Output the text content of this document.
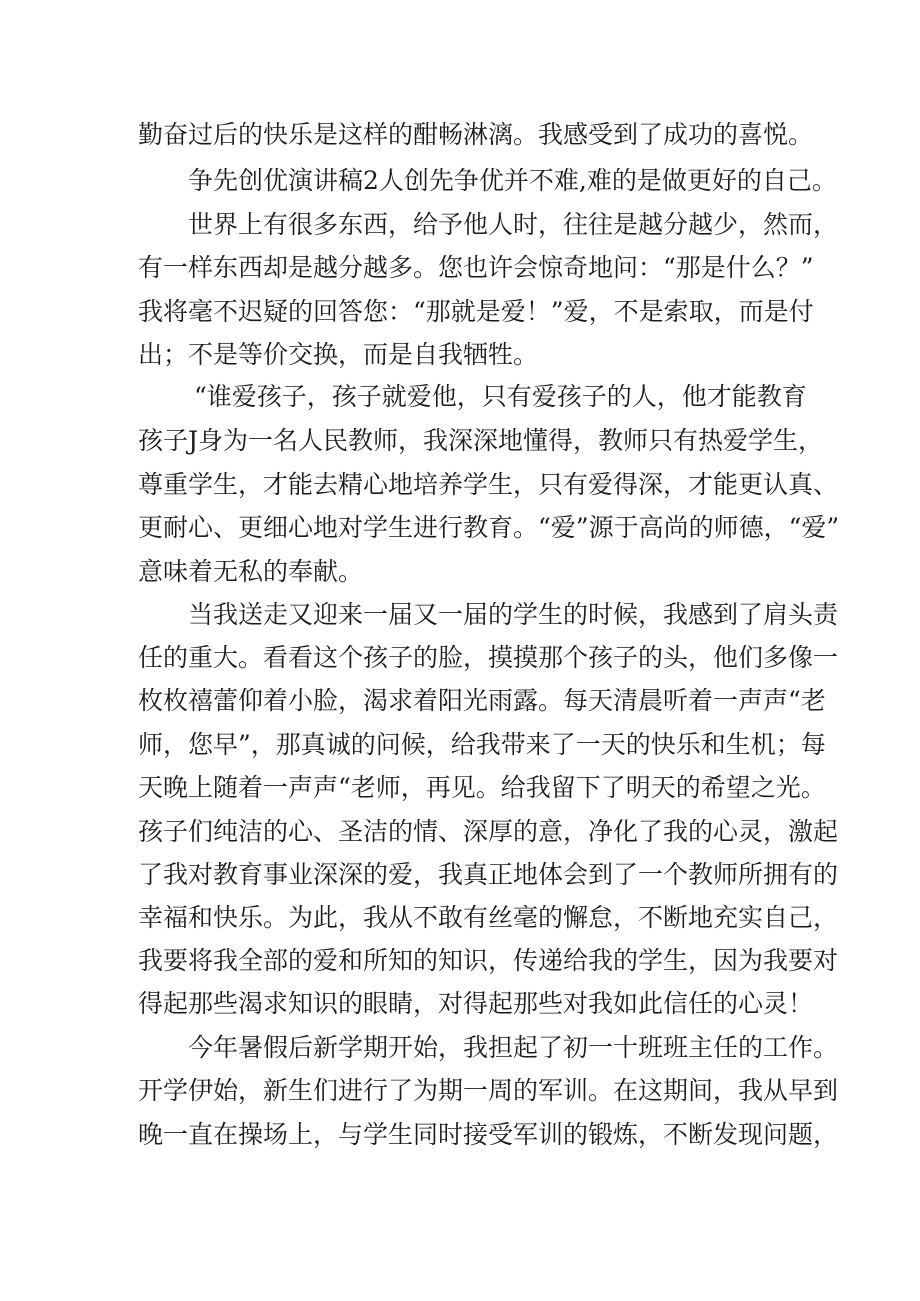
勤奋过后的快乐是这样的酣畅淋漓。我感受到了成功的喜悦。
争先创优演讲稿2人创先争优并不难,难的是做更好的自己。
世界上有很多东西，给予他人时，往往是越分越少，然而，
有一样东西却是越分越多。您也许会惊奇地问：“那是什么？”
我将毫不迟疑的回答您：“那就是爱！”爱，不是索取，而是付
出；不是等价交换，而是自我牺牲。
“谁爱孩子，孩子就爱他，只有爱孩子的人，他才能教育
孩子J身为一名人民教师，我深深地懂得，教师只有热爱学生，
尊重学生，才能去精心地培养学生，只有爱得深，才能更认真、
更耐心、更细心地对学生进行教育。“爱”源于高尚的师德，“爱”
意味着无私的奉献。
当我送走又迎来一届又一届的学生的时候，我感到了肩头责
任的重大。看看这个孩子的脸，摸摸那个孩子的头，他们多像一
枚枚禧蕾仰着小脸，渴求着阳光雨露。每天清晨听着一声声“老
师，您早”，那真诚的问候，给我带来了一天的快乐和生机；每
天晚上随着一声声“老师，再见。给我留下了明天的希望之光。
孩子们纯洁的心、圣洁的情、深厚的意，净化了我的心灵，激起
了我对教育事业深深的爱，我真正地体会到了一个教师所拥有的
幸福和快乐。为此，我从不敢有丝毫的懈怠，不断地充实自己，
我要将我全部的爱和所知的知识，传递给我的学生，因为我要对
得起那些渴求知识的眼睛，对得起那些对我如此信任的心灵！
今年暑假后新学期开始，我担起了初一十班班主任的工作。
开学伊始，新生们进行了为期一周的军训。在这期间，我从早到
晚一直在操场上，与学生同时接受军训的锻炼，不断发现问题，
